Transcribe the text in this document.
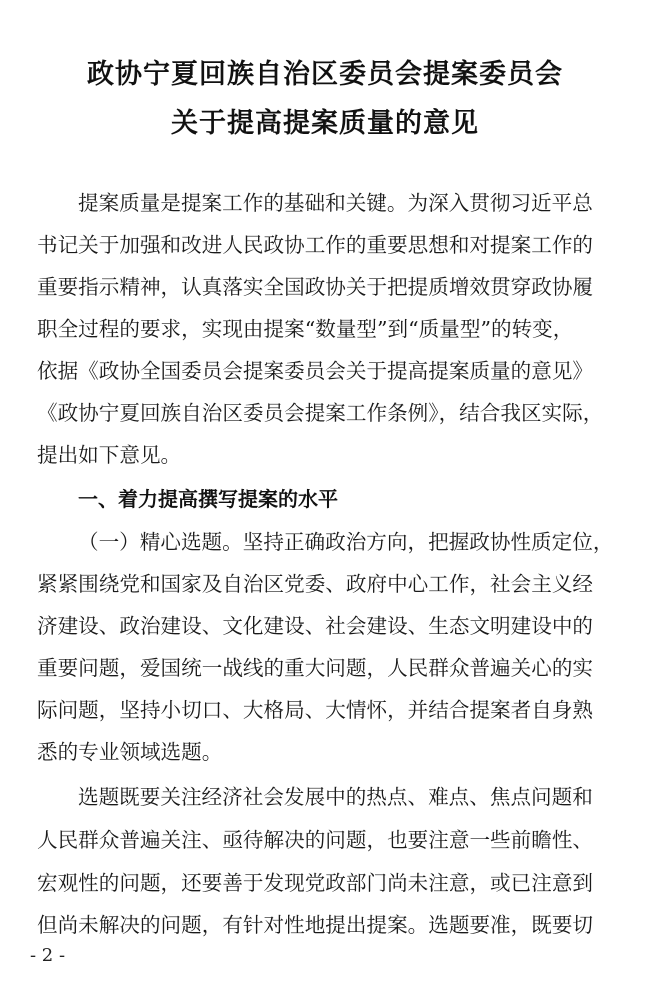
政协宁夏回族自治区委员会提案委员会
关于提高提案质量的意见
提案质量是提案工作的基础和关键。为深入贯彻习近平总
书记关于加强和改进人民政协工作的重要思想和对提案工作的
重要指示精神，认真落实全国政协关于把提质增效贯穿政协履
职全过程的要求，实现由提案“数量型”到“质量型”的转变，
依据《政协全国委员会提案委员会关于提高提案质量的意见》
《政协宁夏回族自治区委员会提案工作条例》，结合我区实际，
提出如下意见。
一、着力提高撰写提案的水平
（一）精心选题。坚持正确政治方向，把握政协性质定位，
紧紧围绕党和国家及自治区党委、政府中心工作，社会主义经
济建设、政治建设、文化建设、社会建设、生态文明建设中的
重要问题，爱国统一战线的重大问题，人民群众普遍关心的实
际问题，坚持小切口、大格局、大情怀，并结合提案者自身熟
悉的专业领域选题。
选题既要关注经济社会发展中的热点、难点、焦点问题和
人民群众普遍关注、亟待解决的问题，也要注意一些前瞻性、
宏观性的问题，还要善于发现党政部门尚未注意，或已注意到
但尚未解决的问题，有针对性地提出提案。选题要准，既要切
- 2 -
